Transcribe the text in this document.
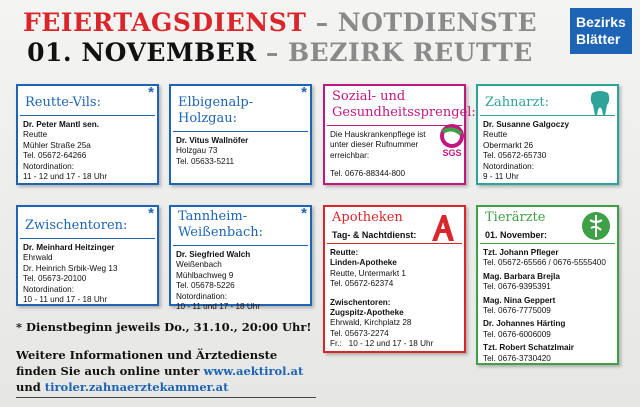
FEIERTAGSDIENST – NOTDIENSTE
01. NOVEMBER – BEZIRK REUTTE
Bezirks
Blätter
*
Reutte-Vils:
Dr. Peter Mantl sen.
Reutte
Mühler Straße 25a
Tel. 05672-64266
Notordination:
11 - 12 und 17 - 18 Uhr
*
Elbigenalp-Holzgau:
Dr. Vitus Wallnöfer
Holzgau 73
Tel. 05633-5211
Sozial- und Gesundheitssprengel:
Die Hauskrankenpflege ist
unter dieser Rufnummer
erreichbar:
Tel. 0676-88344-800
SGS
Zahnarzt:
Dr. Susanne Galgoczy
Reutte
Obermarkt 26
Tel. 05672-65730
Notordination:
9 - 11 Uhr
*
Zwischentoren:
Dr. Meinhard Heitzinger
Ehrwald
Dr. Heinrich Srbik-Weg 13
Tel. 05673-20100
Notordination:
10 - 11 und 17 - 18 Uhr
*
Tannheim-Weißenbach:
Dr. Siegfried Walch
Weißenbach
Mühlbachweg 9
Tel. 05678-5226
Notordination:
10 - 11 und 17 - 18 Uhr
Apotheken
Tag- & Nachtdienst:
Reutte:
Linden-Apotheke
Reutte, Untermarkt 1
Tel. 05672-62374
Zwischentoren:
Zugspitz-Apotheke
Ehrwald, Kirchplatz 28
Tel. 05673-2274
Fr.:   10 - 12 und 17 - 18 Uhr
Tierärzte
01. November:
Tzt. Johann Pfleger
Tel. 05672-65566 / 0676-5555400
Mag. Barbara Brejla
Tel. 0676-9395391
Mag. Nina Geppert
Tel. 0676-7775009
Dr. Johannes Härting
Tel. 0676-6006009
Tzt. Robert Schatzlmair
Tel. 0676-3730420
* Dienstbeginn jeweils Do., 31.10., 20:00 Uhr!
Weitere Informationen und Ärztedienste
finden Sie auch online unter www.aektirol.at
und tiroler.zahnaerztekammer.at
